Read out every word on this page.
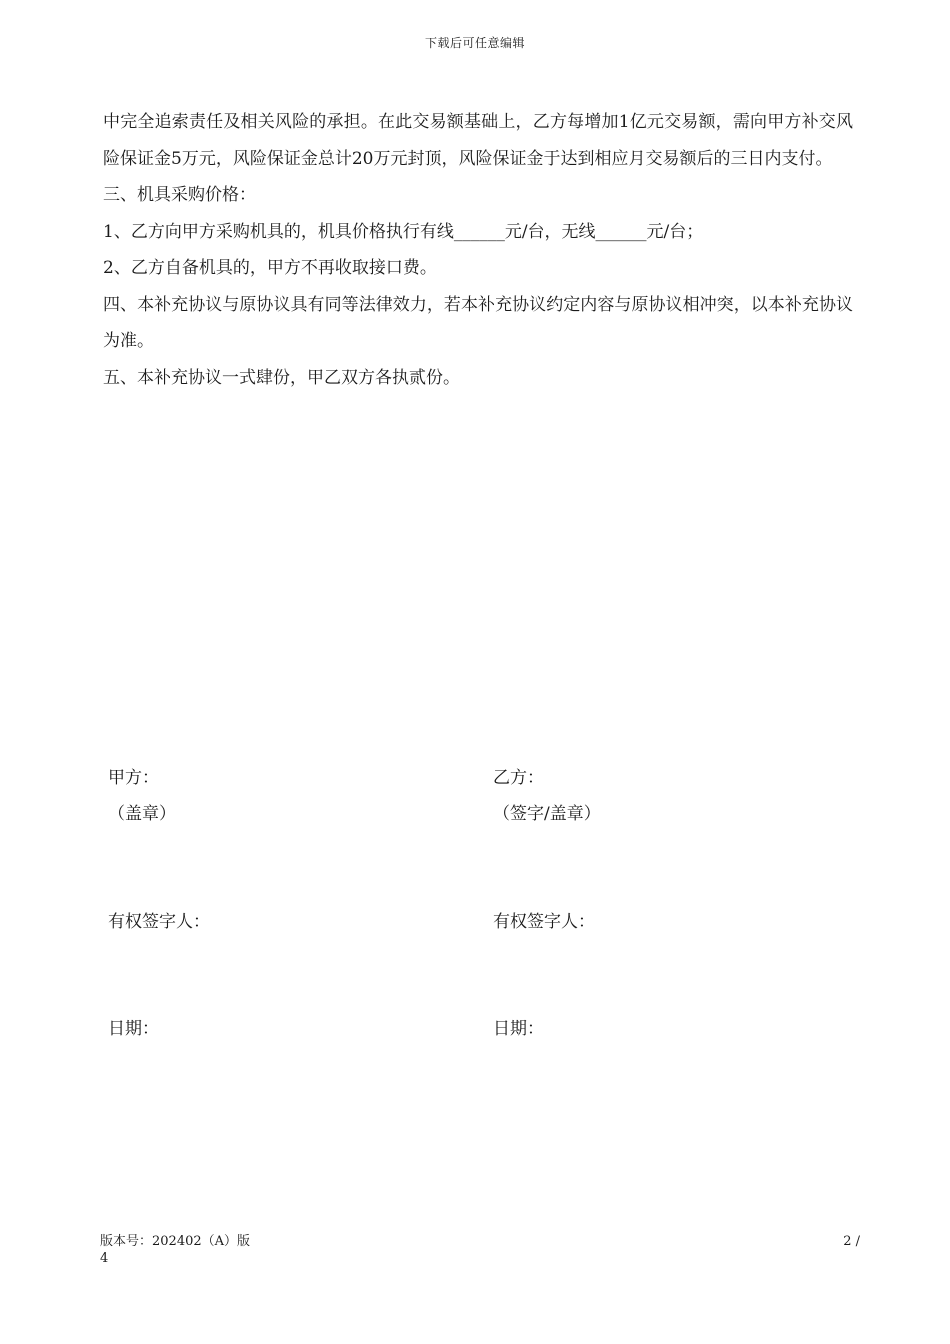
下载后可任意编辑

中完全追索责任及相关风险的承担。在此交易额基础上，乙方每增加1亿元交易额，需向甲方补交风险保证金5万元，风险保证金总计20万元封顶，风险保证金于达到相应月交易额后的三日内支付。

三、机具采购价格：

1、乙方向甲方采购机具的，机具价格执行有线______元/台，无线______元/台；

2、乙方自备机具的，甲方不再收取接口费。

四、本补充协议与原协议具有同等法律效力，若本补充协议约定内容与原协议相冲突，以本补充协议为准。

五、本补充协议一式肆份，甲乙双方各执贰份。

甲方：
（盖章）
有权签字人：
日期：
乙方：
（签字/盖章）
有权签字人：
日期：
版本号：202402（A）版
4
2 /
